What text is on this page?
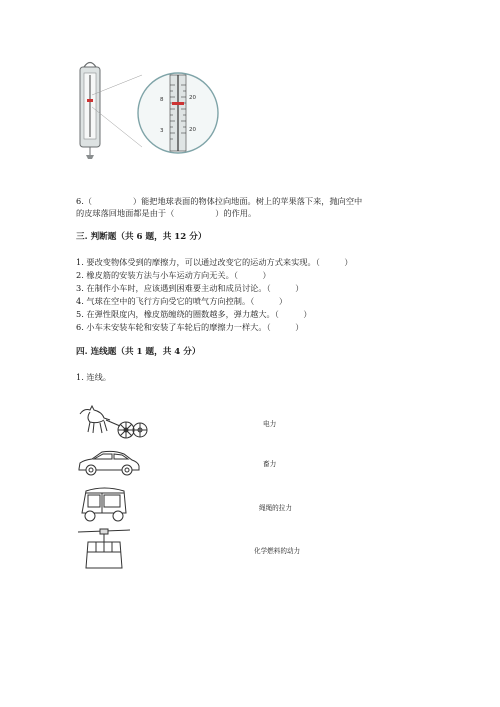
8
3
20
20
6.（　　　　　）能把地球表面的物体拉向地面。树上的苹果落下来，抛向空中
的皮球落回地面都是由于（　　　　　）的作用。
三. 判断题（共 6 题，共 12 分）
1. 要改变物体受到的摩擦力，可以通过改变它的运动方式来实现。（　　　）
2. 橡皮筋的安装方法与小车运动方向无关。（　　　）
3. 在制作小车时，应该遇到困难要主动和成员讨论。（　　　）
4. 气球在空中的飞行方向受它的喷气方向控制。（　　　）
5. 在弹性限度内，橡皮筋缠绕的圈数越多，弹力越大。（　　　）
6. 小车未安装车轮和安装了车轮后的摩擦力一样大。（　　　）
四. 连线题（共 1 题，共 4 分）
1. 连线。
电力
畜力
绳绳的拉力
化学燃料的动力
